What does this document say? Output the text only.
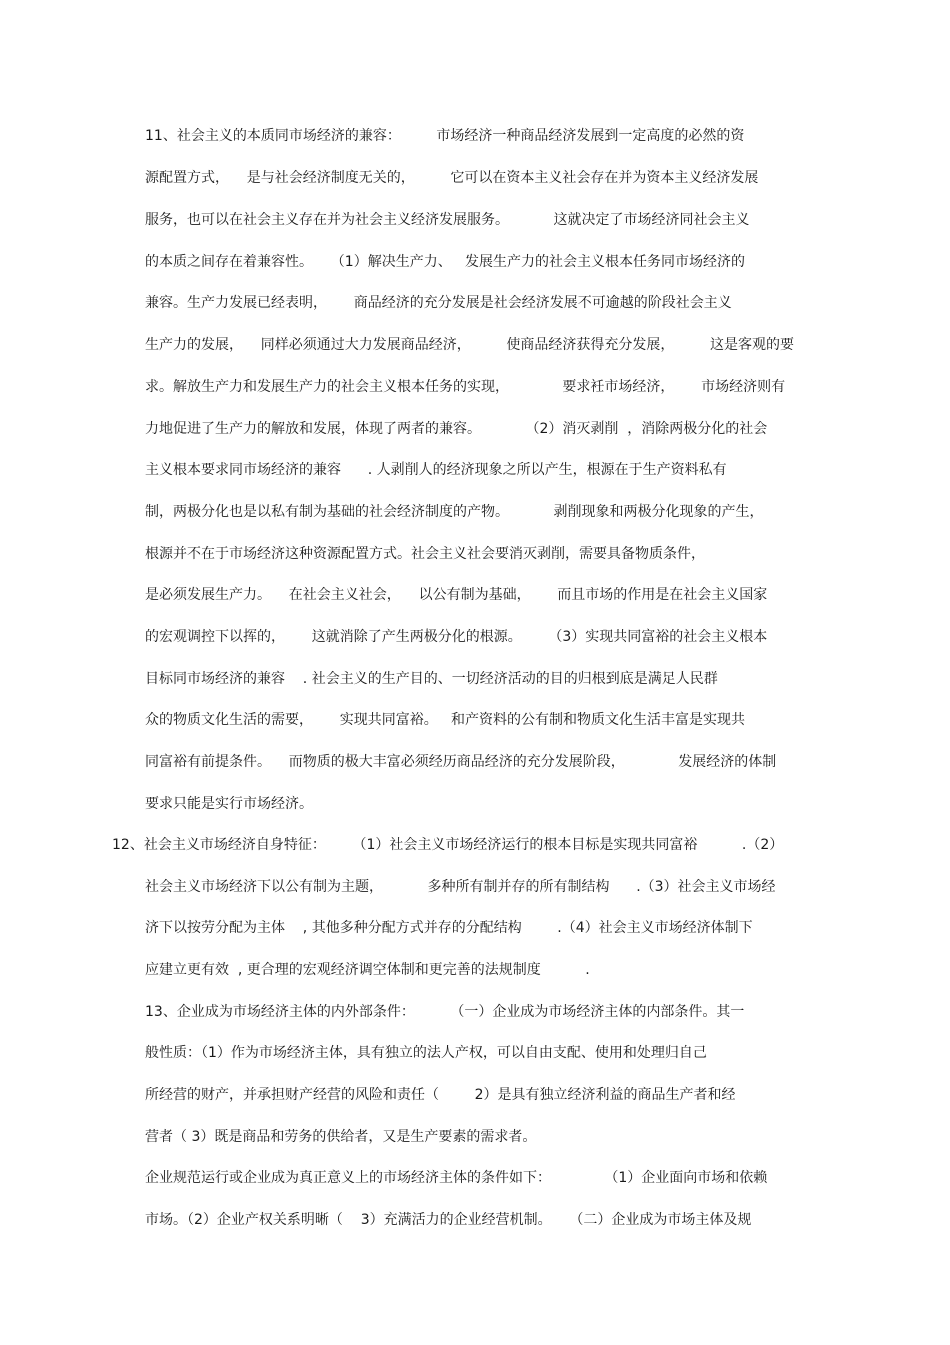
11、社会主义的本质同市场经济的兼容：        市场经济一种商品经济发展到一定高度的必然的资
源配置方式，    是与社会经济制度无关的，        它可以在资本主义社会存在并为资本主义经济发展
服务，也可以在社会主义存在并为社会主义经济发展服务。          这就决定了市场经济同社会主义
的本质之间存在着兼容性。    （1）解决生产力、   发展生产力的社会主义根本任务同市场经济的
兼容。生产力发展已经表明，      商品经济的充分发展是社会经济发展不可逾越的阶段社会主义
生产力的发展，    同样必须通过大力发展商品经济，        使商品经济获得充分发展，        这是客观的要
求。解放生产力和发展生产力的社会主义根本任务的实现，            要求衽市场经济，      市场经济则有
力地促进了生产力的解放和发展，体现了两者的兼容。          （2）消灭剥削  ，消除两极分化的社会
主义根本要求同市场经济的兼容      . 人剥削人的经济现象之所以产生，根源在于生产资料私有
制，两极分化也是以私有制为基础的社会经济制度的产物。          剥削现象和两极分化现象的产生，
根源并不在于市场经济这种资源配置方式。社会主义社会要消灭剥削，需要具备物质条件，
是必须发展生产力。    在社会主义社会，    以公有制为基础，      而且市场的作用是在社会主义国家
的宏观调控下以挥的，      这就消除了产生两极分化的根源。      （3）实现共同富裕的社会主义根本
目标同市场经济的兼容    . 社会主义的生产目的、一切经济活动的目的归根到底是满足人民群
众的物质文化生活的需要，      实现共同富裕。   和产资料的公有制和物质文化生活丰富是实现共
同富裕有前提条件。    而物质的极大丰富必须经历商品经济的充分发展阶段，            发展经济的体制
要求只能是实行市场经济。
12、社会主义市场经济自身特征：      （1）社会主义市场经济运行的根本目标是实现共同富裕          .（2）
社会主义市场经济下以公有制为主题，          多种所有制并存的所有制结构      .（3）社会主义市场经
济下以按劳分配为主体    , 其他多种分配方式并存的分配结构        .（4）社会主义市场经济体制下
应建立更有效  , 更合理的宏观经济调空体制和更完善的法规制度          .
13、企业成为市场经济主体的内外部条件：        （一）企业成为市场经济主体的内部条件。其一
般性质：（1）作为市场经济主体，具有独立的法人产权，可以自由支配、使用和处理归自己
所经营的财产，并承担财产经营的风险和责任（        2）是具有独立经济利益的商品生产者和经
营者（ 3）既是商品和劳务的供给者，又是生产要素的需求者。
企业规范运行或企业成为真正意义上的市场经济主体的条件如下：            （1）企业面向市场和依赖
市场。（2）企业产权关系明晰（    3）充满活力的企业经营机制。    （二）企业成为市场主体及规
